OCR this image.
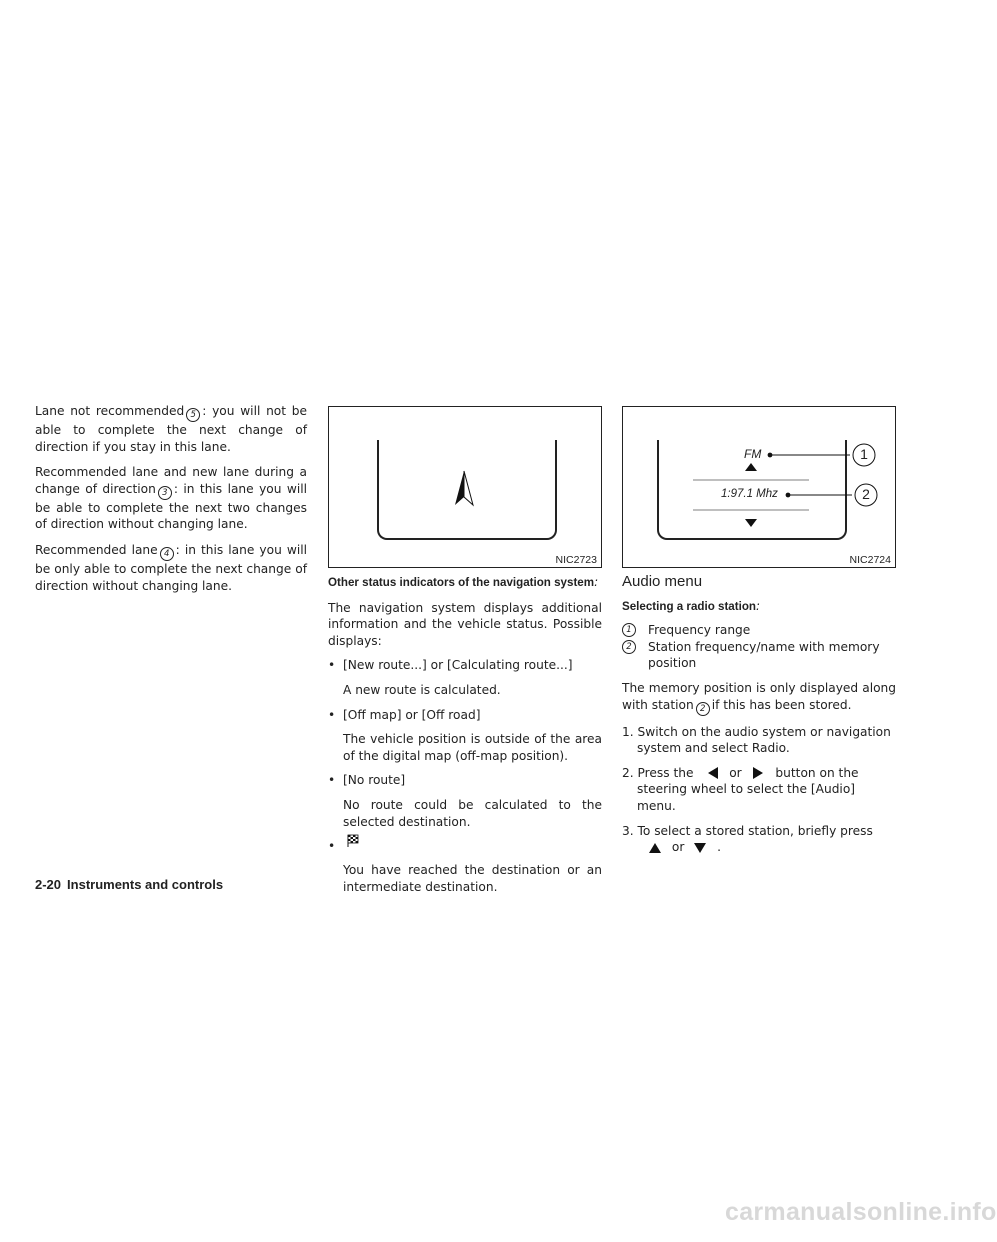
Lane not recommended 5 : you will not be able to complete the next change of direction if you stay in this lane.

Recommended lane and new lane during a change of direction 3 : in this lane you will be able to complete the next two changes of direction without changing lane.

Recommended lane 4 : in this lane you will be only able to complete the next change of direction without changing lane.

NIC2723

Other status indicators of the navigation system:

The navigation system displays additional information and the vehicle status. Possible displays:

• [New route...] or [Calculating route...]
A new route is calculated.
• [Off map] or [Off road]
The vehicle position is outside of the area of the digital map (off-map position).
• [No route]
No route could be calculated to the selected destination.
•
You have reached the destination or an intermediate destination.
FM	1
2
1:97.1 Mhz
NIC2724

Audio menu

Selecting a radio station:

1	Frequency range
2	Station frequency/name with memory position

The memory position is only displayed along with station 2 if this has been stored.

1. Switch on the audio system or navigation system and select Radio.

2. Press the	or	button on the steering wheel to select the [Audio] menu.

3. To select a stored station, briefly press
or	.

2-20 Instruments and controls
carmanualsonline.info
